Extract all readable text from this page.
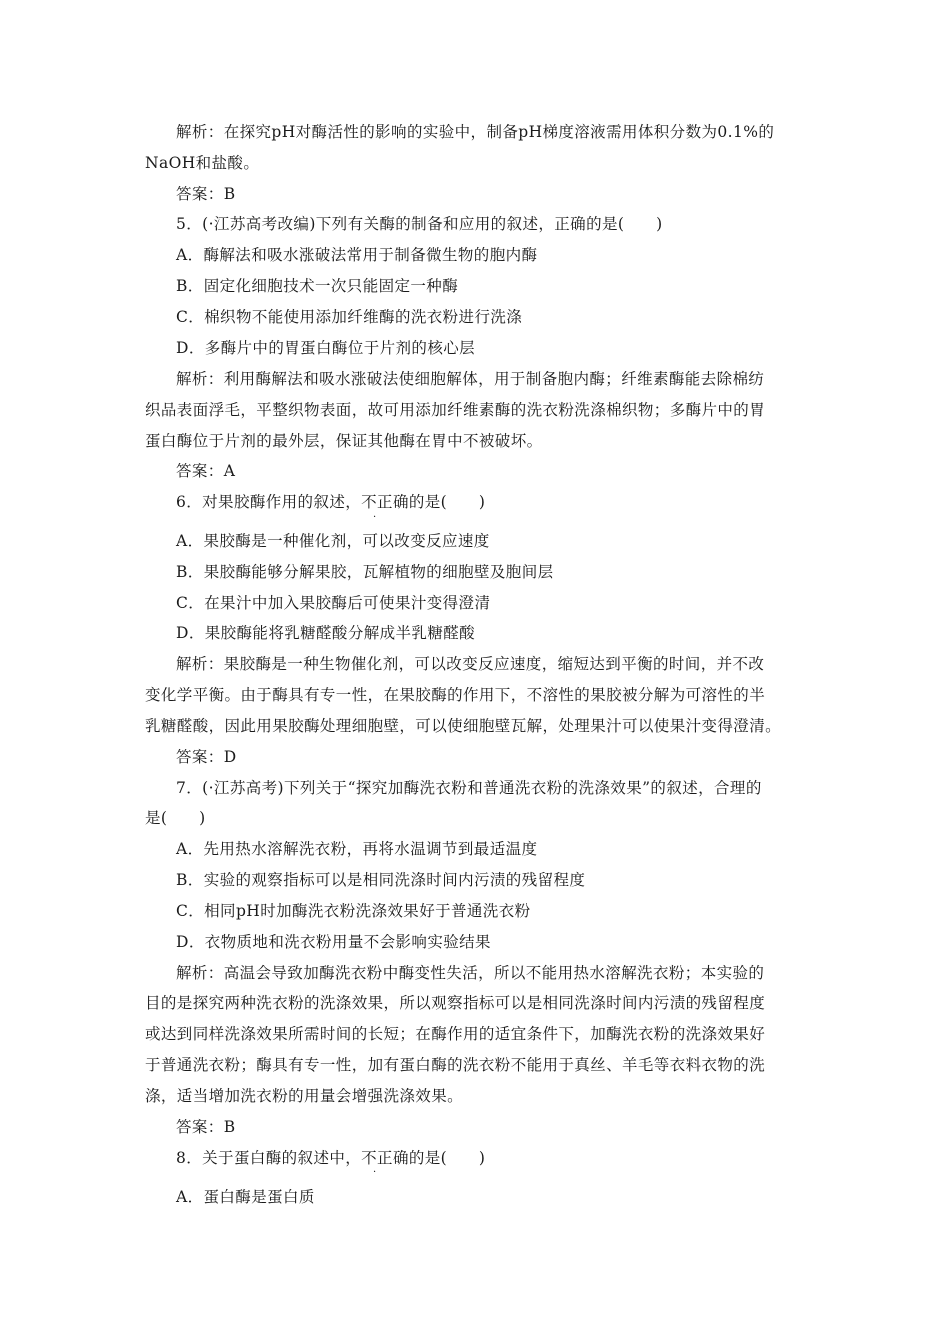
解析：在探究pH对酶活性的影响的实验中，制备pH梯度溶液需用体积分数为0.1%的
NaOH和盐酸。
答案：B
5．(·江苏高考改编)下列有关酶的制备和应用的叙述，正确的是(　　)
A．酶解法和吸水涨破法常用于制备微生物的胞内酶
B．固定化细胞技术一次只能固定一种酶
C．棉织物不能使用添加纤维酶的洗衣粉进行洗涤
D．多酶片中的胃蛋白酶位于片剂的核心层
解析：利用酶解法和吸水涨破法使细胞解体，用于制备胞内酶；纤维素酶能去除棉纺
织品表面浮毛，平整织物表面，故可用添加纤维素酶的洗衣粉洗涤棉织物；多酶片中的胃
蛋白酶位于片剂的最外层，保证其他酶在胃中不被破坏。
答案：A
6．对果胶酶作用的叙述，不正确的是(　　)
·
A．果胶酶是一种催化剂，可以改变反应速度
B．果胶酶能够分解果胶，瓦解植物的细胞壁及胞间层
C．在果汁中加入果胶酶后可使果汁变得澄清
D．果胶酶能将乳糖醛酸分解成半乳糖醛酸
解析：果胶酶是一种生物催化剂，可以改变反应速度，缩短达到平衡的时间，并不改
变化学平衡。由于酶具有专一性，在果胶酶的作用下，不溶性的果胶被分解为可溶性的半
乳糖醛酸，因此用果胶酶处理细胞壁，可以使细胞壁瓦解，处理果汁可以使果汁变得澄清。
答案：D
7．(·江苏高考)下列关于“探究加酶洗衣粉和普通洗衣粉的洗涤效果”的叙述，合理的
是(　　)
A．先用热水溶解洗衣粉，再将水温调节到最适温度
B．实验的观察指标可以是相同洗涤时间内污渍的残留程度
C．相同pH时加酶洗衣粉洗涤效果好于普通洗衣粉
D．衣物质地和洗衣粉用量不会影响实验结果
解析：高温会导致加酶洗衣粉中酶变性失活，所以不能用热水溶解洗衣粉；本实验的
目的是探究两种洗衣粉的洗涤效果，所以观察指标可以是相同洗涤时间内污渍的残留程度
或达到同样洗涤效果所需时间的长短；在酶作用的适宜条件下，加酶洗衣粉的洗涤效果好
于普通洗衣粉；酶具有专一性，加有蛋白酶的洗衣粉不能用于真丝、羊毛等衣料衣物的洗
涤，适当增加洗衣粉的用量会增强洗涤效果。
答案：B
8．关于蛋白酶的叙述中，不正确的是(　　)
·
A．蛋白酶是蛋白质
